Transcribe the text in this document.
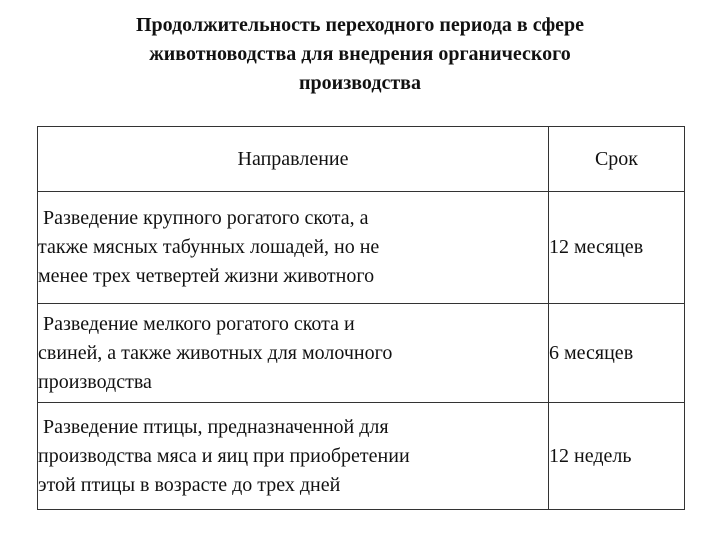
Продолжительность переходного периода в сфере
животноводства для внедрения органического
производства
Направление	Срок

Разведение крупного рогатого скота, а
также мясных табунных лошадей, но не
менее трех четвертей жизни животного	12 месяцев

Разведение мелкого рогатого скота и
свиней, а также животных для молочного
производства	6 месяцев

Разведение птицы, предназначенной для
производства мяса и яиц при приобретении
этой птицы в возрасте до трех дней	12 недель
